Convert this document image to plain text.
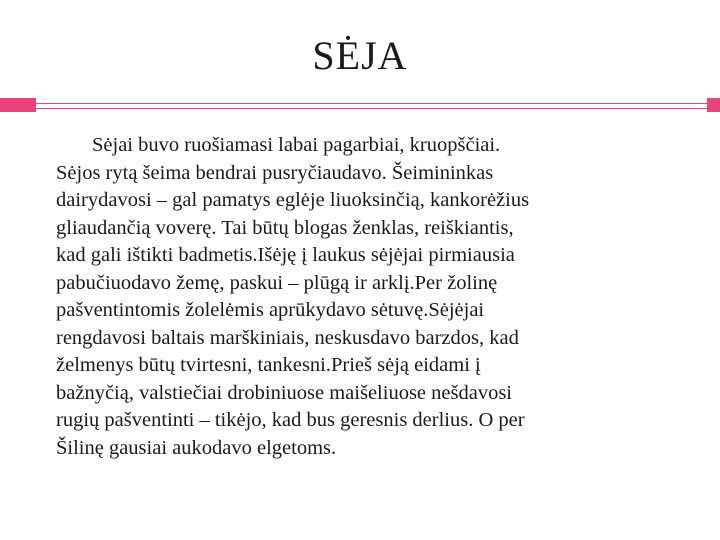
SĖJA

Sėjai buvo ruošiamasi labai pagarbiai, kruopščiai.
Sėjos rytą šeima bendrai pusryčiaudavo. Šeimininkas
dairydavosi – gal pamatys eglėje liuoksinčią, kankorėžius
gliaudančią voverę. Tai būtų blogas ženklas, reiškiantis,
kad gali ištikti badmetis.Išėję į laukus sėjėjai pirmiausia
pabučiuodavo žemę, paskui – plūgą ir arklį.Per žolinę
pašventintomis žolelėmis aprūkydavo sėtuvę.Sėjėjai
rengdavosi baltais marškiniais, neskusdavo barzdos, kad
želmenys būtų tvirtesni, tankesni.Prieš sėją eidami į
bažnyčią, valstiečiai drobiniuose maišeliuose nešdavosi
rugių pašventinti – tikėjo, kad bus geresnis derlius. O per
Šilinę gausiai aukodavo elgetoms.
